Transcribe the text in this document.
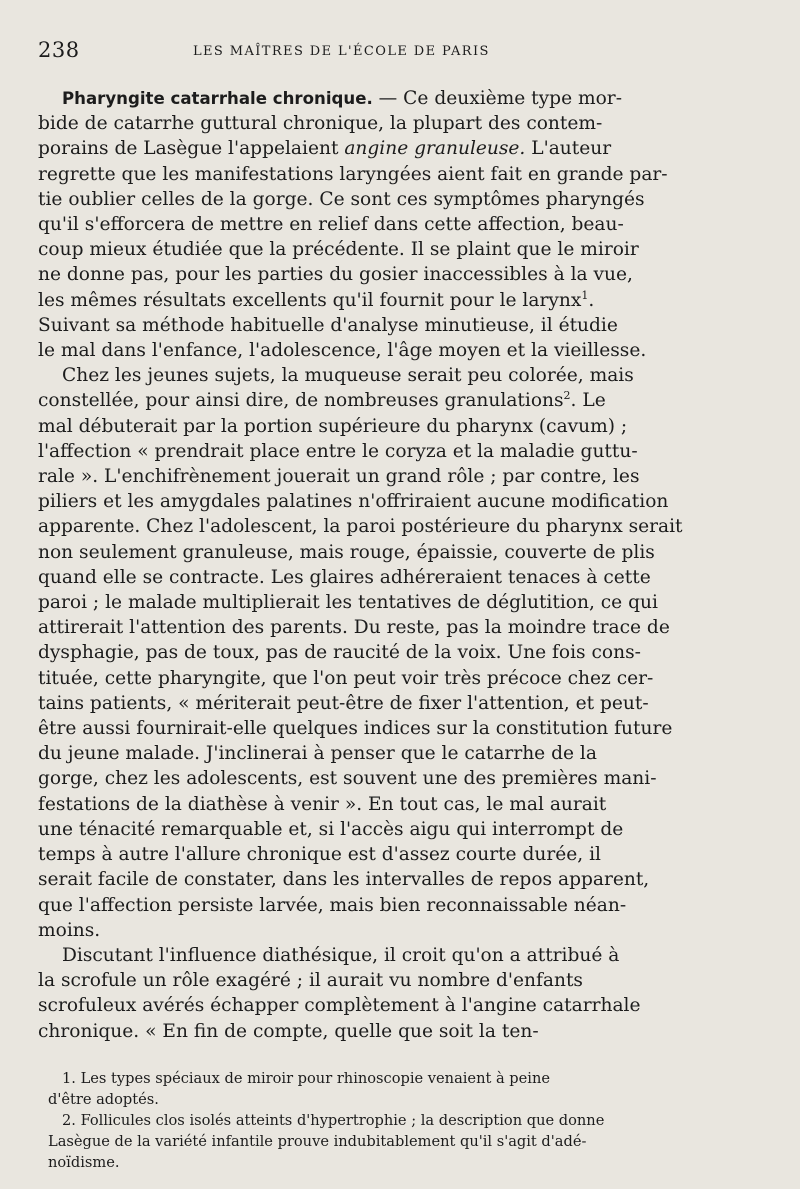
238	LES MAÎTRES DE L'ÉCOLE DE PARIS

Pharyngite catarrhale chronique. — Ce deuxième type mor-
bide de catarrhe guttural chronique, la plupart des contem-
porains de Lasègue l'appelaient angine granuleuse. L'auteur
regrette que les manifestations laryngées aient fait en grande par-
tie oublier celles de la gorge. Ce sont ces symptômes pharyngés
qu'il s'efforcera de mettre en relief dans cette affection, beau-
coup mieux étudiée que la précédente. Il se plaint que le miroir
ne donne pas, pour les parties du gosier inaccessibles à la vue,
les mêmes résultats excellents qu'il fournit pour le larynx$^1$.
Suivant sa méthode habituelle d'analyse minutieuse, il étudie
le mal dans l'enfance, l'adolescence, l'âge moyen et la vieillesse.

Chez les jeunes sujets, la muqueuse serait peu colorée, mais
constellée, pour ainsi dire, de nombreuses granulations$^2$. Le
mal débuterait par la portion supérieure du pharynx (cavum) ;
l'affection « prendrait place entre le coryza et la maladie guttu-
rale ». L'enchifrènement jouerait un grand rôle ; par contre, les
piliers et les amygdales palatines n'offriraient aucune modification
apparente. Chez l'adolescent, la paroi postérieure du pharynx serait
non seulement granuleuse, mais rouge, épaissie, couverte de plis
quand elle se contracte. Les glaires adhéreraient tenaces à cette
paroi ; le malade multiplierait les tentatives de déglutition, ce qui
attirerait l'attention des parents. Du reste, pas la moindre trace de
dysphagie, pas de toux, pas de raucité de la voix. Une fois cons-
tituée, cette pharyngite, que l'on peut voir très précoce chez cer-
tains patients, « mériterait peut-être de fixer l'attention, et peut-
être aussi fournirait-elle quelques indices sur la constitution future
du jeune malade. J'inclinerai à penser que le catarrhe de la
gorge, chez les adolescents, est souvent une des premières mani-
festations de la diathèse à venir ». En tout cas, le mal aurait
une ténacité remarquable et, si l'accès aigu qui interrompt de
temps à autre l'allure chronique est d'assez courte durée, il
serait facile de constater, dans les intervalles de repos apparent,
que l'affection persiste larvée, mais bien reconnaissable néan-
moins.

Discutant l'influence diathésique, il croit qu'on a attribué à
la scrofule un rôle exagéré ; il aurait vu nombre d'enfants
scrofuleux avérés échapper complètement à l'angine catarrhale
chronique. « En fin de compte, quelle que soit la ten-

1. Les types spéciaux de miroir pour rhinoscopie venaient à peine
d'être adoptés.
2. Follicules clos isolés atteints d'hypertrophie ; la description que donne
Lasègue de la variété infantile prouve indubitablement qu'il s'agit d'adé-
noïdisme.
